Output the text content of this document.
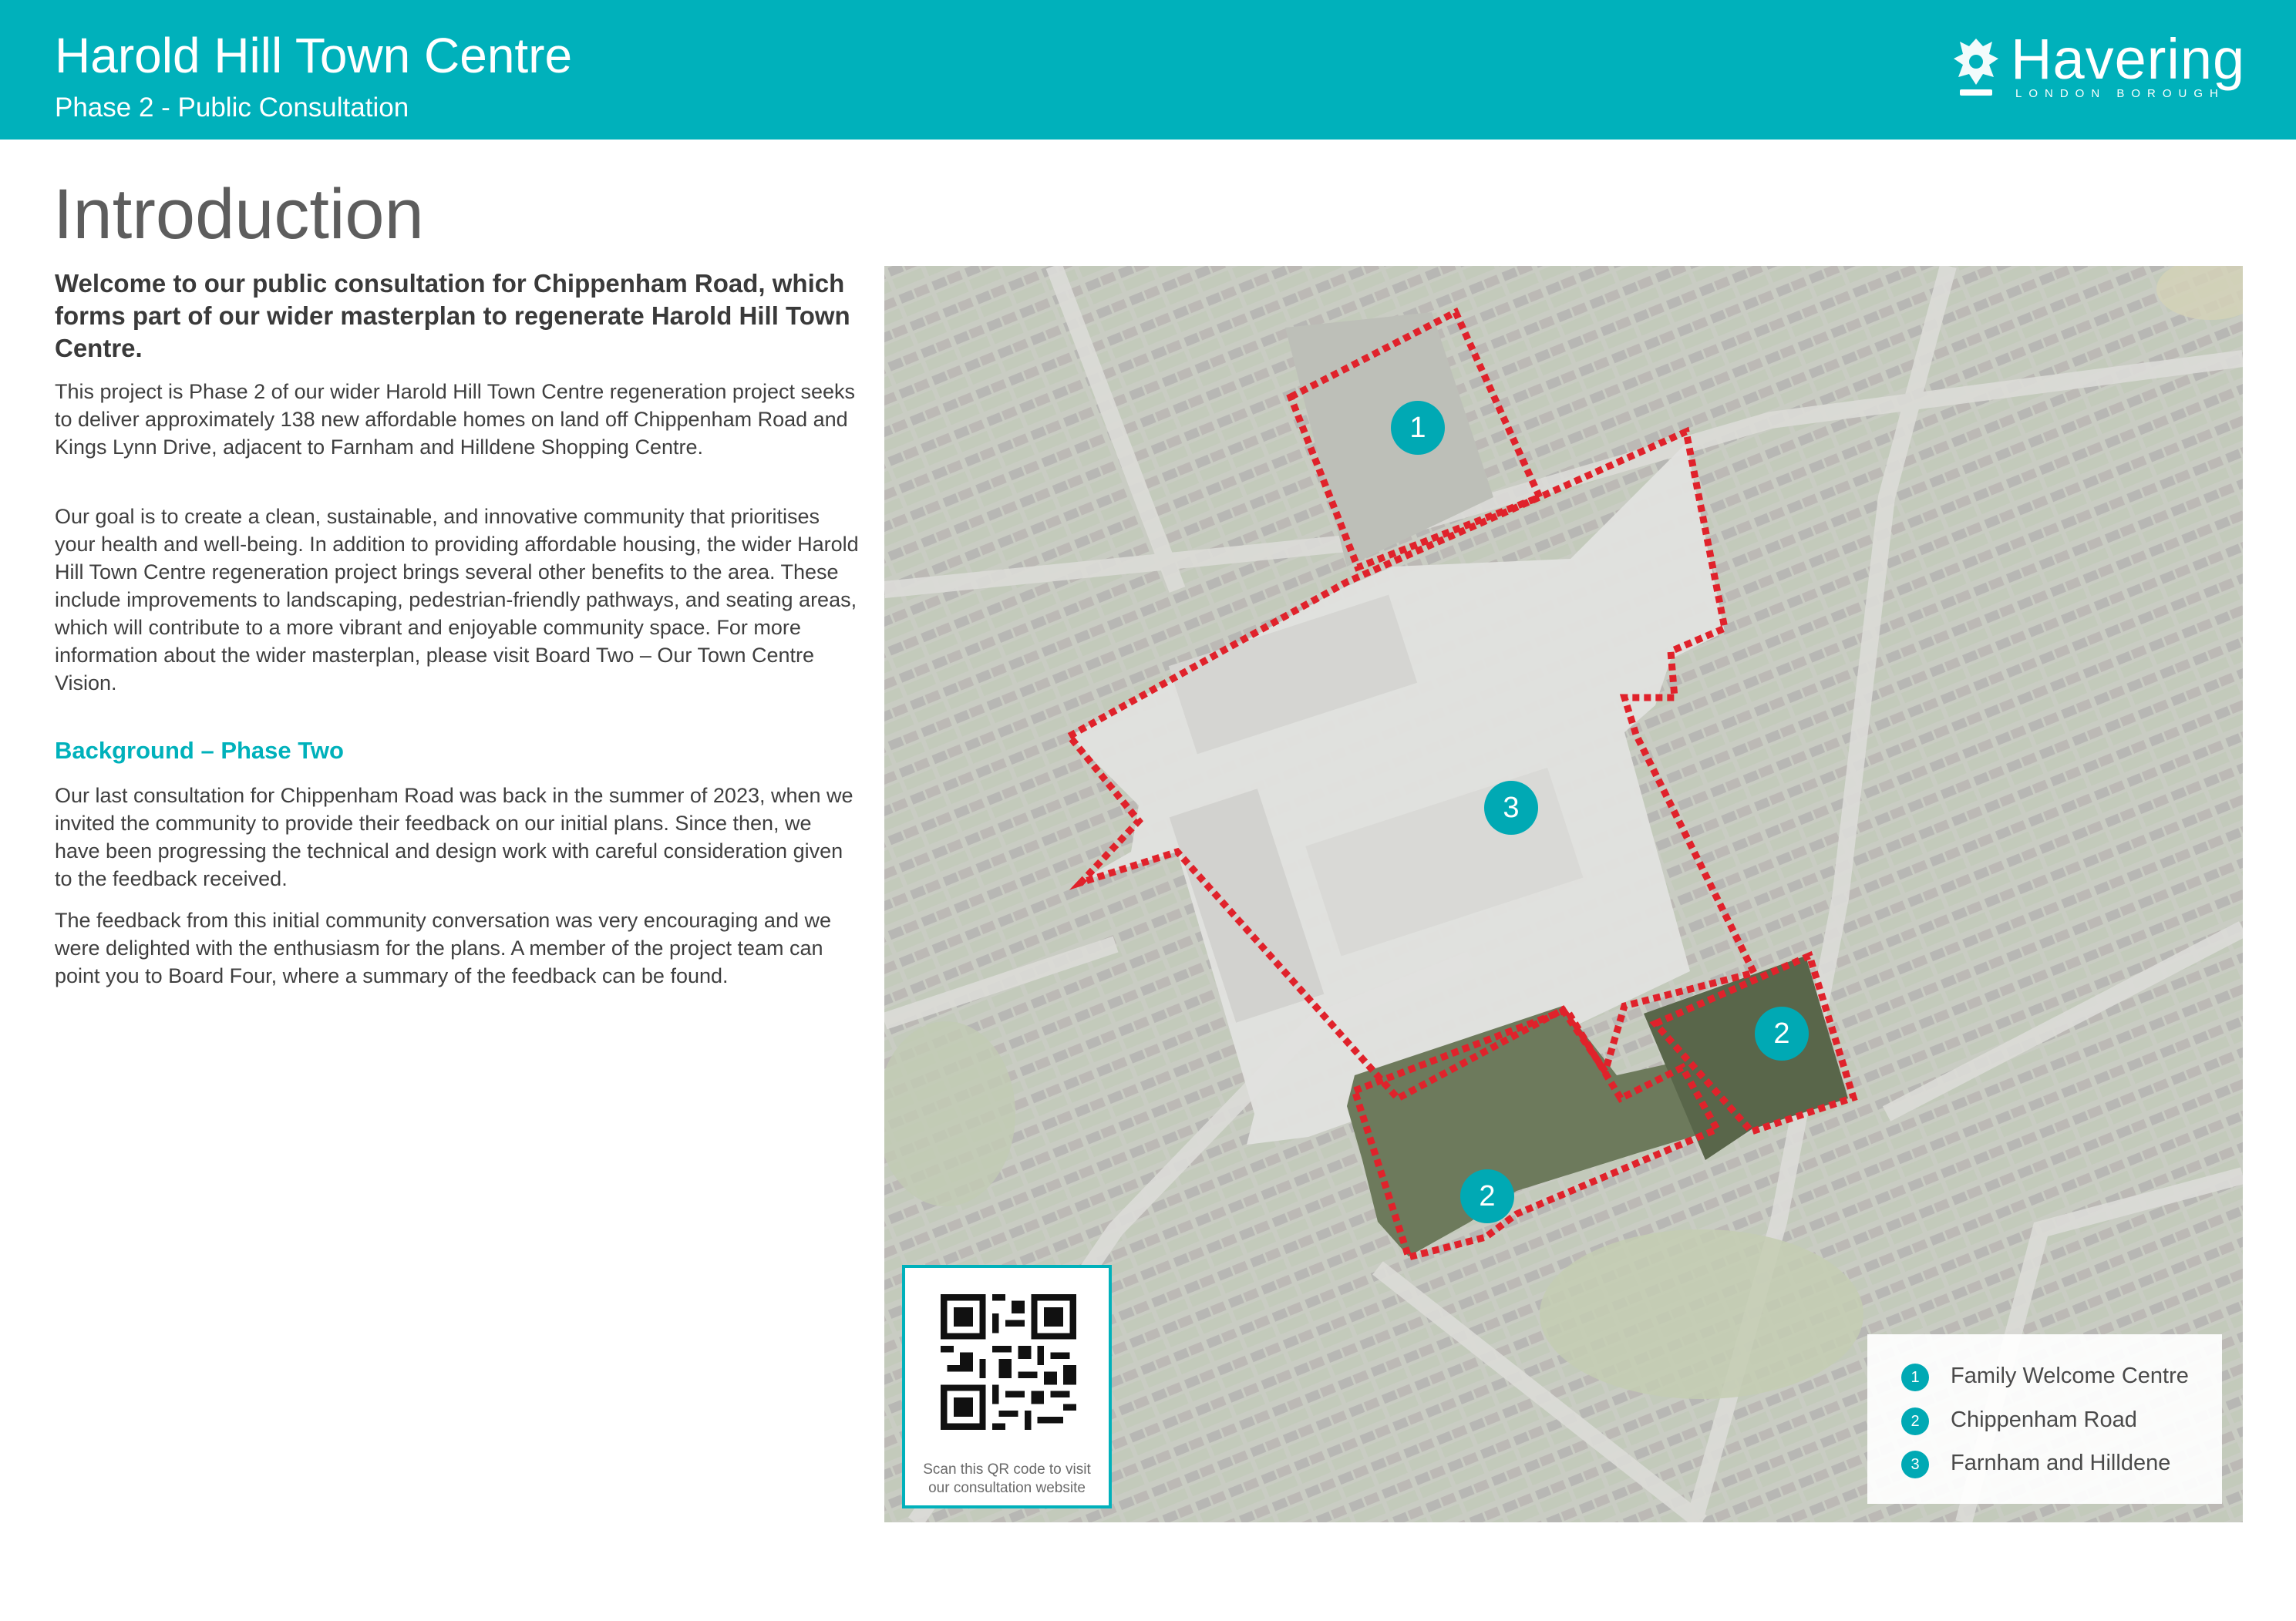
Harold Hill Town Centre
Phase 2 - Public Consultation
Havering
LONDON BOROUGH
Introduction
Welcome to our public consultation for Chippenham Road, which forms part of our wider masterplan to regenerate Harold Hill Town Centre.

This project is Phase 2 of our wider Harold Hill Town Centre regeneration project seeks to deliver approximately 138 new affordable homes on land off Chippenham Road and Kings Lynn Drive, adjacent to Farnham and Hilldene Shopping Centre.

Our goal is to create a clean, sustainable, and innovative community that prioritises your health and well-being. In addition to providing affordable housing, the wider Harold Hill Town Centre regeneration project brings several other benefits to the area. These include improvements to landscaping, pedestrian-friendly pathways, and seating areas, which will contribute to a more vibrant and enjoyable community space. For more information about the wider masterplan, please visit Board Two – Our Town Centre Vision.

Background – Phase Two

Our last consultation for Chippenham Road was back in the summer of 2023, when we invited the community to provide their feedback on our initial plans. Since then, we have been progressing the technical and design work with careful consideration given to the feedback received.

The feedback from this initial community conversation was very encouraging and we were delighted with the enthusiasm for the plans. A member of the project team can point you to Board Four, where a summary of the feedback can be found.

1
3
2
2
Scan this QR code to visit our consultation website
1	Family Welcome Centre
2	Chippenham Road
3	Farnham and Hilldene
